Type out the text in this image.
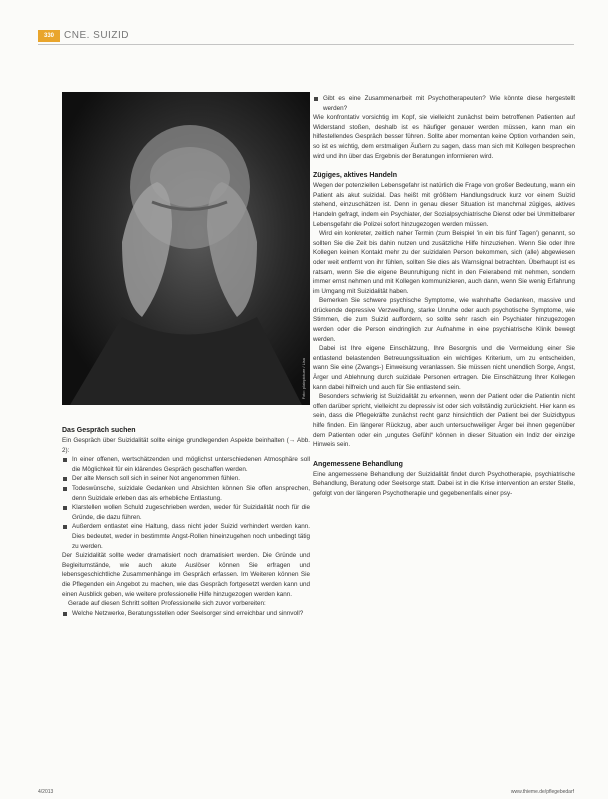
330	CNE. SUIZID
Foto: plainpicture / Lisa
Das Gespräch suchen

Ein Gespräch über Suizidalität sollte einige grundlegenden Aspekte beinhalten (→ Abb. 2):

In einer offenen, wertschätzenden und möglichst unterschiedenen Atmosphäre soll die Möglichkeit für ein klärendes Gespräch geschaffen werden.
Der alte Mensch soll sich in seiner Not angenommen fühlen.
Todeswünsche, suizidale Gedanken und Absichten können Sie offen ansprechen, denn Suizidale erleben das als erhebliche Entlastung.
Klarstellen wollen Schuld zugeschrieben werden, weder für Suizidalität noch für die Gründe, die dazu führen.
Außerdem entlastet eine Haltung, dass nicht jeder Suizid verhindert werden kann. Dies bedeutet, weder in bestimmte Angst-Rollen hineinzugehen noch unbedingt tätig zu werden.

Der Suizidalität sollte weder dramatisiert noch dramatisiert werden. Die Gründe und Begleitumstände, wie auch akute Auslöser können Sie erfragen und lebensgeschichtliche Zusammenhänge im Gespräch erfassen. Im Weiteren können Sie die Pflegenden ein Angebot zu machen, wie das Gespräch fortgesetzt werden kann und einen Ausblick geben, wie weitere professionelle Hilfe hinzugezogen werden kann.

Gerade auf diesen Schritt sollten Professionelle sich zuvor vorbereiten:

Welche Netzwerke, Beratungsstellen oder Seelsorger sind erreichbar und sinnvoll?
Gibt es eine Zusammenarbeit mit Psychotherapeuten? Wie könnte diese hergestellt werden?

Wie konfrontativ vorsichtig im Kopf, sie vielleicht zunächst beim betroffenen Patienten auf Widerstand stoßen, deshalb ist es häufiger genauer werden müssen, kann man ein hilfestellendes Gespräch besser führen. Sollte aber momentan keine Option vorhanden sein, so ist es wichtig, dem erstmaligen Äußern zu sagen, dass man sich mit Kollegen besprechen wird und ihn über das Ergebnis der Beratungen informieren wird.

Zügiges, aktives Handeln

Wegen der potenziellen Lebensgefahr ist natürlich die Frage von großer Bedeutung, wann ein Patient als akut suizidal. Das heißt mit größtem Handlungsdruck kurz vor einem Suizid stehend, einzuschätzen ist. Denn in genau dieser Situation ist manchmal zügiges, aktives Handeln gefragt, indem ein Psychiater, der Sozialpsychiatrische Dienst oder bei Unmittelbarer Lebensgefahr die Polizei sofort hinzugezogen werden müssen.

Wird ein konkreter, zeitlich naher Termin (zum Beispiel 'in ein bis fünf Tagen') genannt, so sollten Sie die Zeit bis dahin nutzen und zusätzliche Hilfe hinzuziehen. Wenn Sie oder Ihre Kollegen keinen Kontakt mehr zu der suizidalen Person bekommen, sich (alle) abgewiesen oder weit entfernt von ihr fühlen, sollten Sie dies als Warnsignal betrachten. Überhaupt ist es ratsam, wenn Sie die eigene Beunruhigung nicht in den Feierabend mit nehmen, sondern immer ernst nehmen und mit Kollegen kommunizieren, auch dann, wenn Sie wenig Erfahrung im Umgang mit Suizidalität haben.

Bemerken Sie schwere psychische Symptome, wie wahnhafte Gedanken, massive und drückende depressive Verzweiflung, starke Unruhe oder auch psychotische Symptome, wie Stimmen, die zum Suizid auffordern, so sollte sehr rasch ein Psychiater hinzugezogen werden oder die Person eindringlich zur Aufnahme in eine psychiatrische Klinik bewegt werden.

Dabei ist Ihre eigene Einschätzung, Ihre Besorgnis und die Vermeidung einer Sie entlastend belastenden Betreuungssituation ein wichtiges Kriterium, um zu entscheiden, wann Sie eine (Zwangs-) Einweisung veranlassen. Sie müssen nicht unendlich Sorge, Angst, Ärger und Ablehnung durch suizidale Personen ertragen. Die Einschätzung Ihrer Kollegen kann dabei hilfreich und auch für Sie entlastend sein.

Besonders schwierig ist Suizidalität zu erkennen, wenn der Patient oder die Patientin nicht offen darüber spricht, vielleicht zu depressiv ist oder sich vollständig zurückzieht. Hier kann es sein, dass die Pflegekräfte zunächst recht ganz hinsichtlich der Patient bei der Suizidtypus hilfe finden. Ein längerer Rückzug, aber auch untersuchweiliger Ärger bei ihnen gegenüber dem Patienten oder ein „ungutes Gefühl“ können in dieser Situation ein Indiz der einzige Hinweis sein.

Angemessene Behandlung

Eine angemessene Behandlung der Suizidalität findet durch Psychotherapie, psychiatrische Behandlung, Beratung oder Seelsorge statt. Dabei ist in die Krise intervention an erster Stelle, gefolgt von der längeren Psychotherapie und gegebenenfalls einer psy-

4/2013	www.thieme.de/pflegebedarf
